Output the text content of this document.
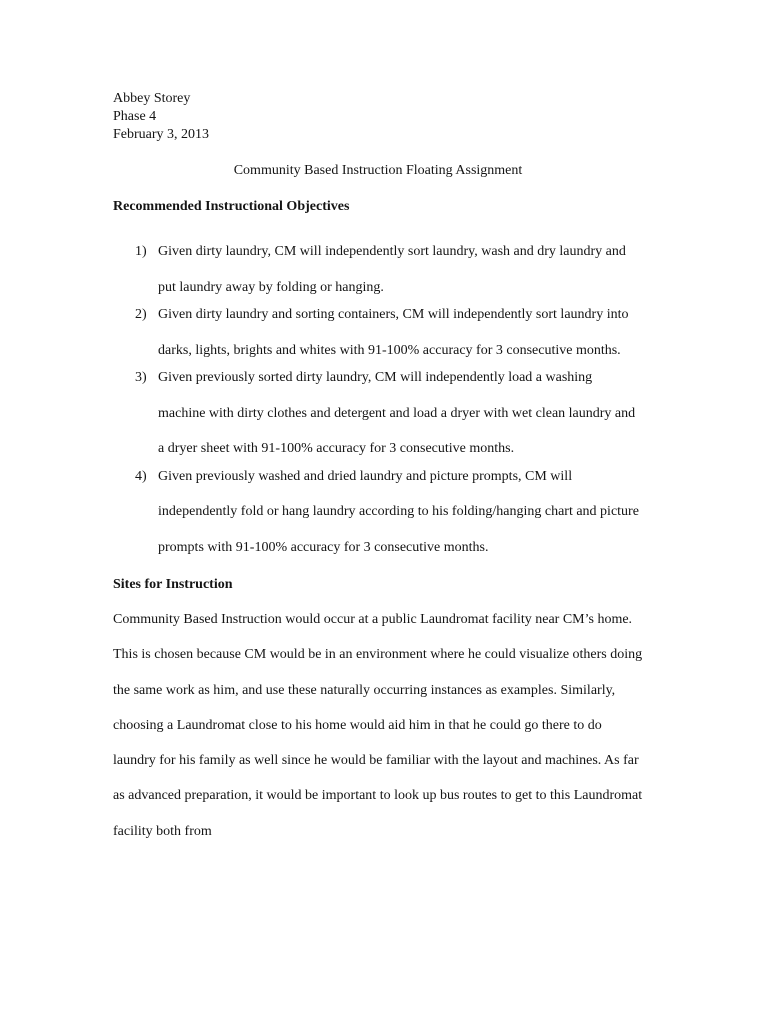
Abbey Storey
Phase 4
February 3, 2013
Community Based Instruction Floating Assignment
Recommended Instructional Objectives
1) Given dirty laundry, CM will independently sort laundry, wash and dry laundry and put laundry away by folding or hanging.
2) Given dirty laundry and sorting containers, CM will independently sort laundry into darks, lights, brights and whites with 91-100% accuracy for 3 consecutive months.
3) Given previously sorted dirty laundry, CM will independently load a washing machine with dirty clothes and detergent and load a dryer with wet clean laundry and a dryer sheet with 91-100% accuracy for 3 consecutive months.
4) Given previously washed and dried laundry and picture prompts, CM will independently fold or hang laundry according to his folding/hanging chart and picture prompts with 91-100% accuracy for 3 consecutive months.
Sites for Instruction
Community Based Instruction would occur at a public Laundromat facility near CM’s home. This is chosen because CM would be in an environment where he could visualize others doing the same work as him, and use these naturally occurring instances as examples. Similarly, choosing a Laundromat close to his home would aid him in that he could go there to do laundry for his family as well since he would be familiar with the layout and machines. As far as advanced preparation, it would be important to look up bus routes to get to this Laundromat facility both from
